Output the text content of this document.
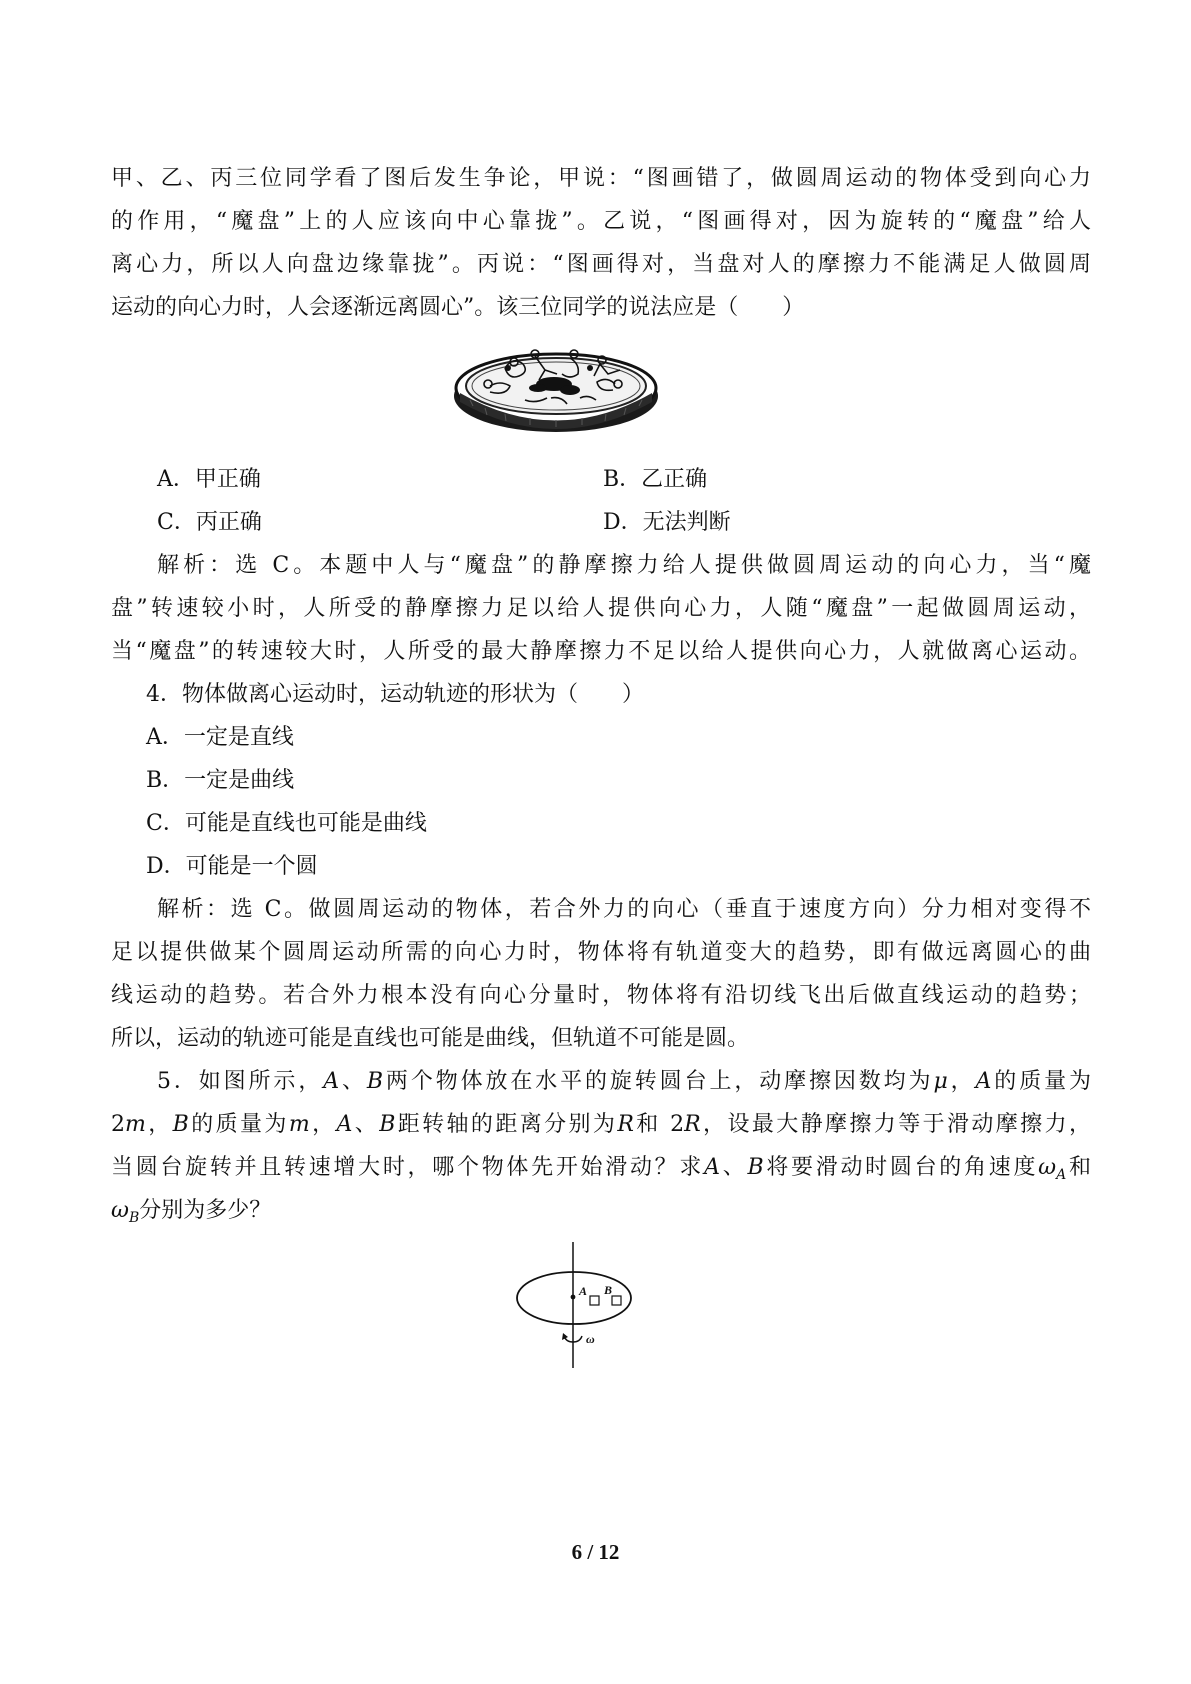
甲、乙、丙三位同学看了图后发生争论，甲说：“图画错了，做圆周运动的物体受到向心力
的作用，“魔盘”上的人应该向中心靠拢”。乙说，“图画得对，因为旋转的“魔盘”给人
离心力，所以人向盘边缘靠拢”。丙说：“图画得对，当盘对人的摩擦力不能满足人做圆周
运动的向心力时，人会逐渐远离圆心”。该三位同学的说法应是（　　）
A．甲正确	B．乙正确
C．丙正确	D．无法判断
解析：选 C。本题中人与“魔盘”的静摩擦力给人提供做圆周运动的向心力，当“魔
盘”转速较小时，人所受的静摩擦力足以给人提供向心力，人随“魔盘”一起做圆周运动，
当“魔盘”的转速较大时，人所受的最大静摩擦力不足以给人提供向心力，人就做离心运动。
4．物体做离心运动时，运动轨迹的形状为（　　）
A．一定是直线
B．一定是曲线
C．可能是直线也可能是曲线
D．可能是一个圆
解析：选 C。做圆周运动的物体，若合外力的向心（垂直于速度方向）分力相对变得不
足以提供做某个圆周运动所需的向心力时，物体将有轨道变大的趋势，即有做远离圆心的曲
线运动的趋势。若合外力根本没有向心分量时，物体将有沿切线飞出后做直线运动的趋势；
所以，运动的轨迹可能是直线也可能是曲线，但轨道不可能是圆。
5．如图所示，A、B两个物体放在水平的旋转圆台上，动摩擦因数均为μ，A的质量为
2m，B的质量为m，A、B距转轴的距离分别为R和 2R，设最大静摩擦力等于滑动摩擦力，
当圆台旋转并且转速增大时，哪个物体先开始滑动？求A、B将要滑动时圆台的角速度$\omega_A$和
$\omega_B$分别为多少？
A B
ω
6 / 12
